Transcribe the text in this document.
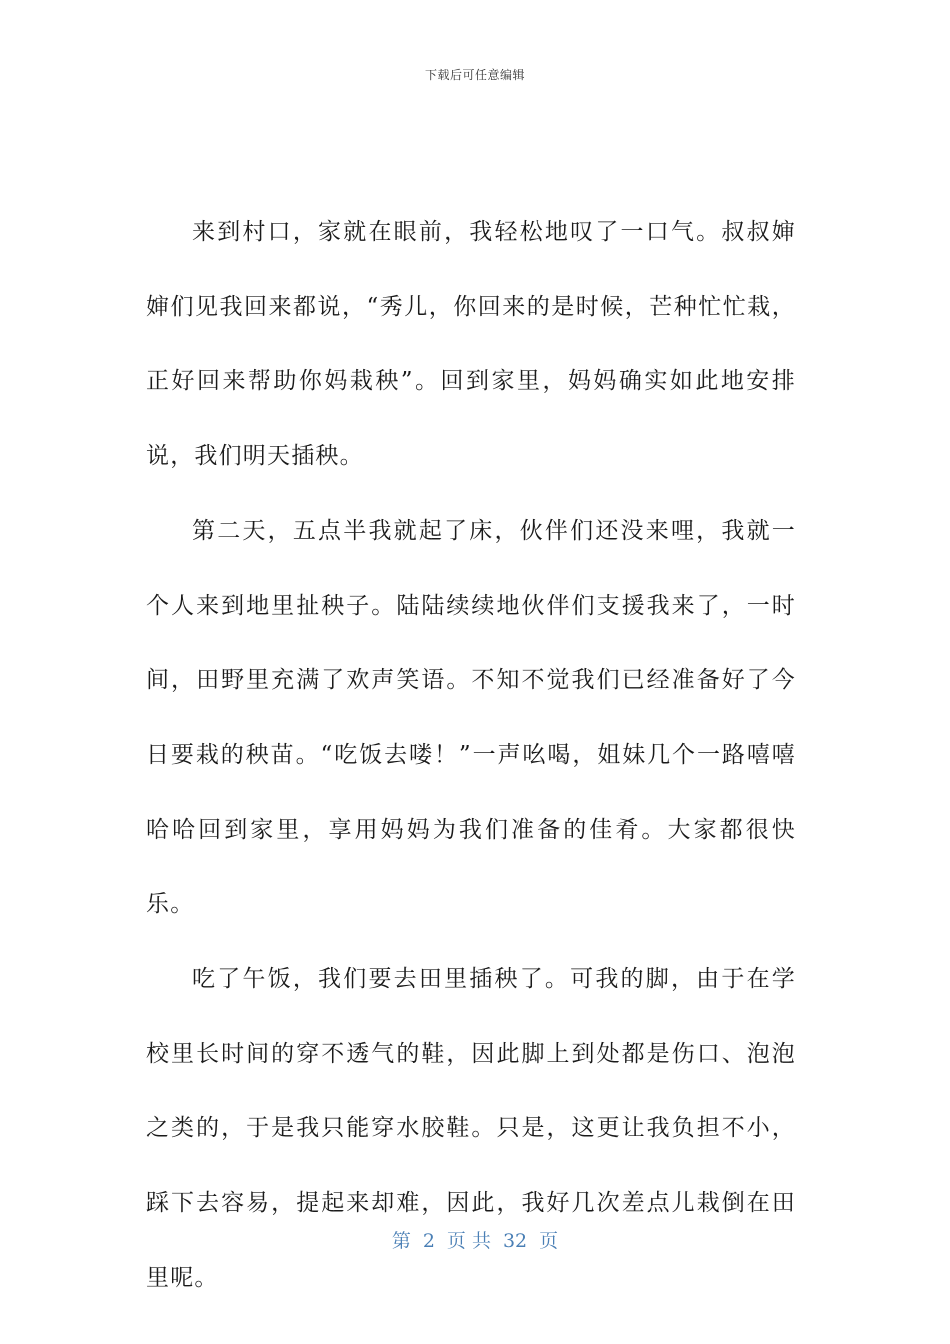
下载后可任意编辑

来到村口，家就在眼前，我轻松地叹了一口气。叔叔婶婶们见我回来都说，“秀儿，你回来的是时候，芒种忙忙栽，正好回来帮助你妈栽秧”。回到家里，妈妈确实如此地安排说，我们明天插秧。

第二天，五点半我就起了床，伙伴们还没来哩，我就一个人来到地里扯秧子。陆陆续续地伙伴们支援我来了，一时间，田野里充满了欢声笑语。不知不觉我们已经准备好了今日要栽的秧苗。“吃饭去喽！”一声吆喝，姐妹几个一路嘻嘻哈哈回到家里，享用妈妈为我们准备的佳肴。大家都很快乐。

吃了午饭，我们要去田里插秧了。可我的脚，由于在学校里长时间的穿不透气的鞋，因此脚上到处都是伤口、泡泡之类的，于是我只能穿水胶鞋。只是，这更让我负担不小，踩下去容易，提起来却难，因此，我好几次差点儿栽倒在田里呢。

第 2 页 共 32 页
